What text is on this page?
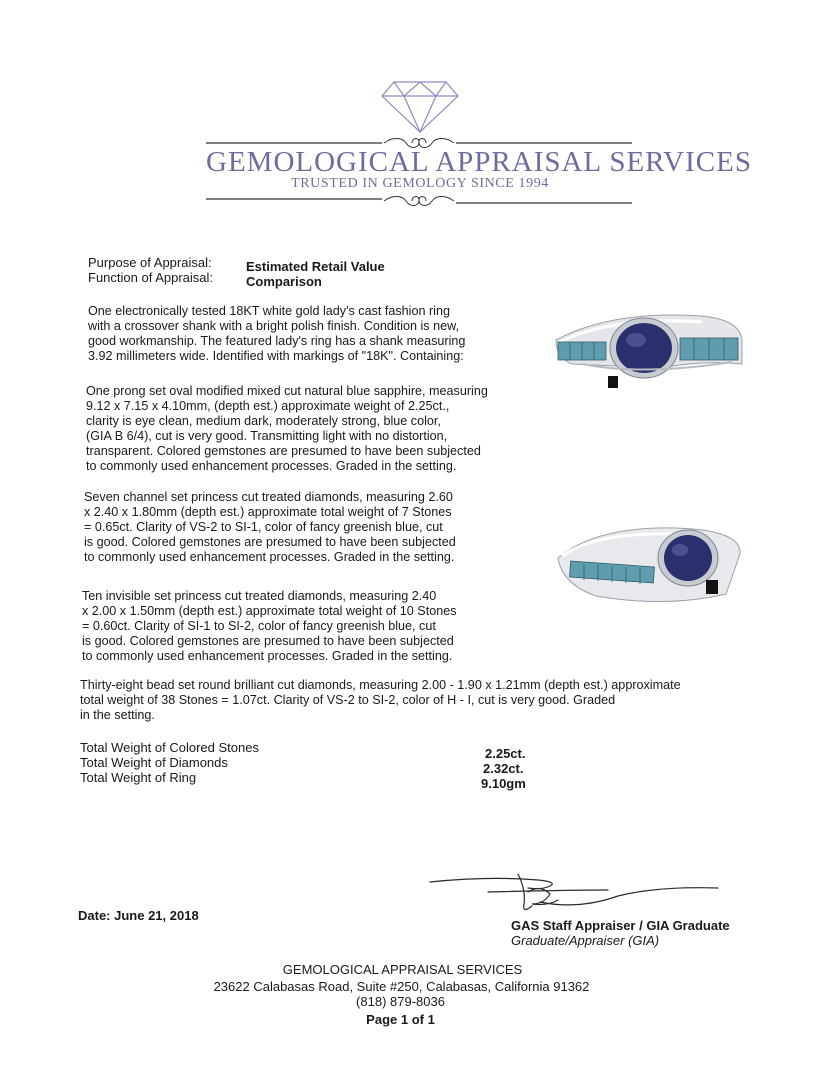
GEMOLOGICAL APPRAISAL SERVICES
TRUSTED IN GEMOLOGY SINCE 1994
Purpose of Appraisal:	Estimated Retail Value
Function of Appraisal:	Comparison
One electronically tested 18KT white gold lady's cast fashion ring
with a crossover shank with a bright polish finish. Condition is new,
good workmanship. The featured lady's ring has a shank measuring
3.92 millimeters wide. Identified with markings of "18K". Containing:
One prong set oval modified mixed cut natural blue sapphire, measuring
9.12 x 7.15 x 4.10mm, (depth est.) approximate weight of 2.25ct.,
clarity is eye clean, medium dark, moderately strong, blue color,
(GIA B 6/4), cut is very good. Transmitting light with no distortion,
transparent. Colored gemstones are presumed to have been subjected
to commonly used enhancement processes. Graded in the setting.
Seven channel set princess cut treated diamonds, measuring 2.60
x 2.40 x 1.80mm (depth est.) approximate total weight of 7 Stones
= 0.65ct. Clarity of VS-2 to SI-1, color of fancy greenish blue, cut
is good. Colored gemstones are presumed to have been subjected
to commonly used enhancement processes. Graded in the setting.
Ten invisible set princess cut treated diamonds, measuring 2.40
x 2.00 x 1.50mm (depth est.) approximate total weight of 10 Stones
= 0.60ct. Clarity of SI-1 to SI-2, color of fancy greenish blue, cut
is good. Colored gemstones are presumed to have been subjected
to commonly used enhancement processes. Graded in the setting.
Thirty-eight bead set round brilliant cut diamonds, measuring 2.00 - 1.90 x 1.21mm (depth est.) approximate
total weight of 38 Stones = 1.07ct. Clarity of VS-2 to SI-2, color of H - I, cut is very good. Graded
in the setting.
Total Weight of Colored Stones	2.25ct.
Total Weight of Diamonds	2.32ct.
Total Weight of Ring	9.10gm
Date: June 21, 2018
GAS Staff Appraiser / GIA Graduate
Graduate/Appraiser (GIA)
GEMOLOGICAL APPRAISAL SERVICES
23622 Calabasas Road, Suite #250, Calabasas, California 91362
(818) 879-8036
Page 1 of 1
